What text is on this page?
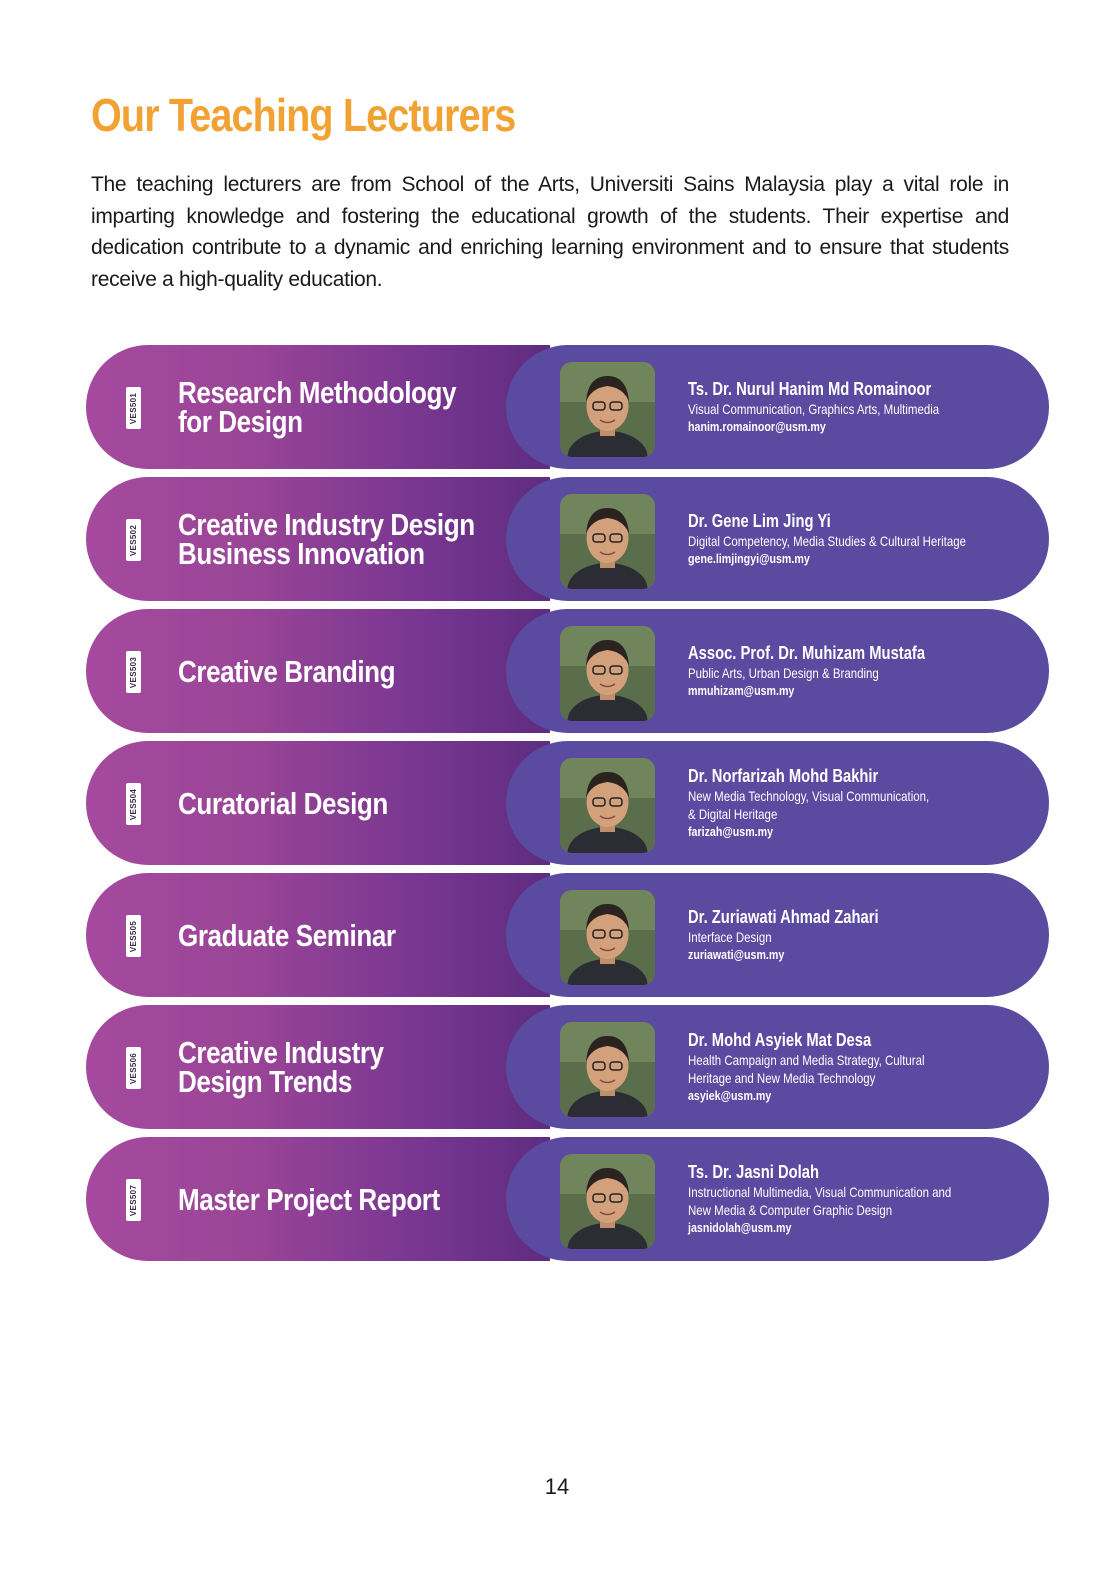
Our Teaching Lecturers

The teaching lecturers are from School of the Arts, Universiti Sains Malaysia play a vital role in imparting knowledge and fostering the educational growth of the students. Their expertise and dedication contribute to a dynamic and enriching learning environment and to ensure that students receive a high-quality education.

VES501 Research Methodology
for Design
Ts. Dr. Nurul Hanim Md Romainoor
Visual Communication, Graphics Arts, Multimedia
hanim.romainoor@usm.my
VES502 Creative Industry Design
Business Innovation
Dr. Gene Lim Jing Yi
Digital Competency, Media Studies & Cultural Heritage
gene.limjingyi@usm.my
VES503 Creative Branding
Assoc. Prof. Dr. Muhizam Mustafa
Public Arts, Urban Design & Branding
mmuhizam@usm.my
VES504 Curatorial Design
Dr. Norfarizah Mohd Bakhir
New Media Technology, Visual Communication,
& Digital Heritage
farizah@usm.my
VES505 Graduate Seminar
Dr. Zuriawati Ahmad Zahari
Interface Design
zuriawati@usm.my
VES506 Creative Industry
Design Trends
Dr. Mohd Asyiek Mat Desa
Health Campaign and Media Strategy, Cultural
Heritage and New Media Technology
asyiek@usm.my
VES507 Master Project Report
Ts. Dr. Jasni Dolah
Instructional Multimedia, Visual Communication and
New Media & Computer Graphic Design
jasnidolah@usm.my
14
